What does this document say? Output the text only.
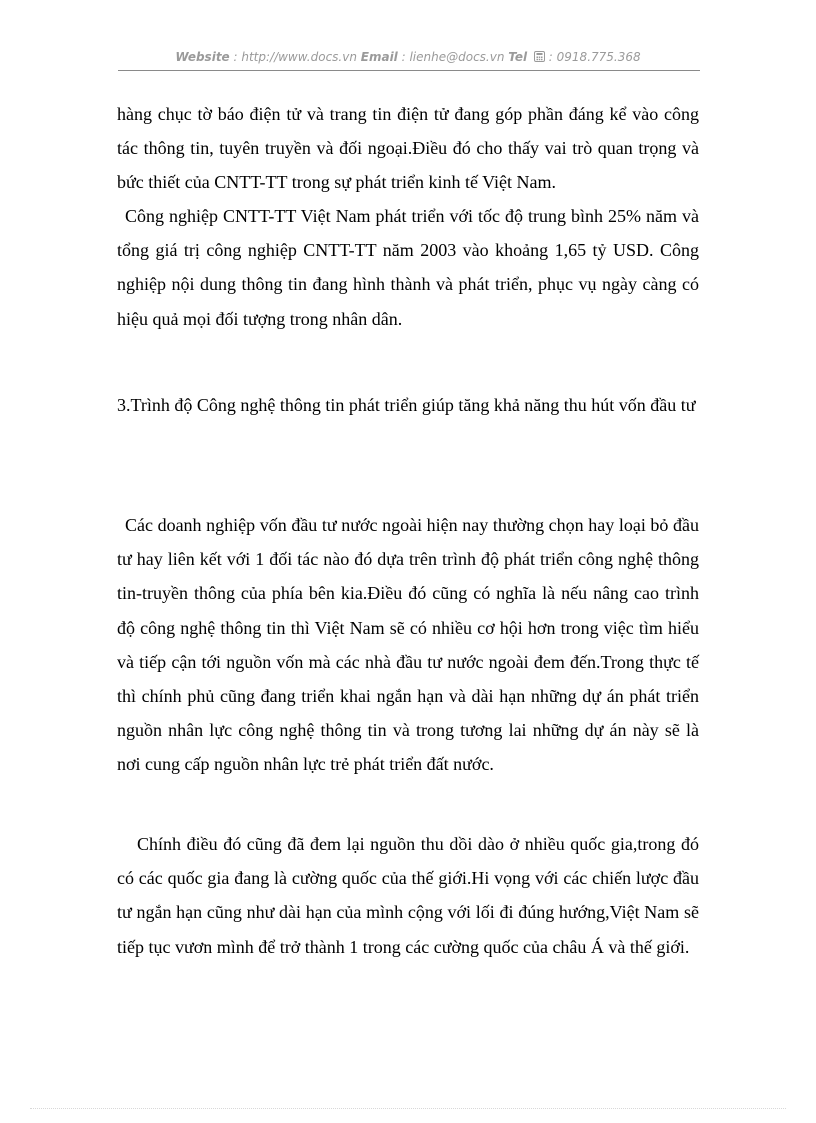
Website : http://www.docs.vn Email : lienhe@docs.vn Tel  : 0918.775.368

hàng chục tờ báo điện tử và trang tin điện tử đang góp phần đáng kể vào công tác thông tin, tuyên truyền và đối ngoại.Điều đó cho thấy vai trò quan trọng và bức thiết của CNTT-TT trong sự phát triển kinh tế Việt Nam.

Công nghiệp CNTT-TT Việt Nam phát triển với tốc độ trung bình 25% năm và tổng giá trị công nghiệp CNTT-TT năm 2003 vào khoảng 1,65 tỷ USD. Công nghiệp nội dung thông tin đang hình thành và phát triển, phục vụ ngày càng có hiệu quả mọi đối tượng trong nhân dân.

3.Trình độ Công nghệ thông tin phát triển giúp tăng khả năng thu hút vốn đầu tư

Các doanh nghiệp vốn đầu tư nước ngoài hiện nay thường chọn hay loại bỏ đầu tư hay liên kết với 1 đối tác nào đó dựa trên trình độ phát triển công nghệ thông tin-truyền thông của phía bên kia.Điều đó cũng có nghĩa là nếu nâng cao trình độ công nghệ thông tin thì Việt Nam sẽ có nhiều cơ hội hơn trong việc tìm hiểu và tiếp cận tới nguồn vốn mà các nhà đầu tư nước ngoài đem đến.Trong thực tế thì chính phủ cũng đang triển khai ngắn hạn và dài hạn những dự án phát triển nguồn nhân lực công nghệ thông tin và trong tương lai những dự án này sẽ là nơi cung cấp nguồn nhân lực trẻ phát triển đất nước.

Chính điều đó cũng đã đem lại nguồn thu dồi dào ở nhiều quốc gia,trong đó có các quốc gia đang là cường quốc của thế giới.Hi vọng với các chiến lược đầu tư ngắn hạn cũng như dài hạn của mình cộng với lối đi đúng hướng,Việt Nam sẽ tiếp tục vươn mình để trở thành 1 trong các cường quốc của châu Á và thế giới.
